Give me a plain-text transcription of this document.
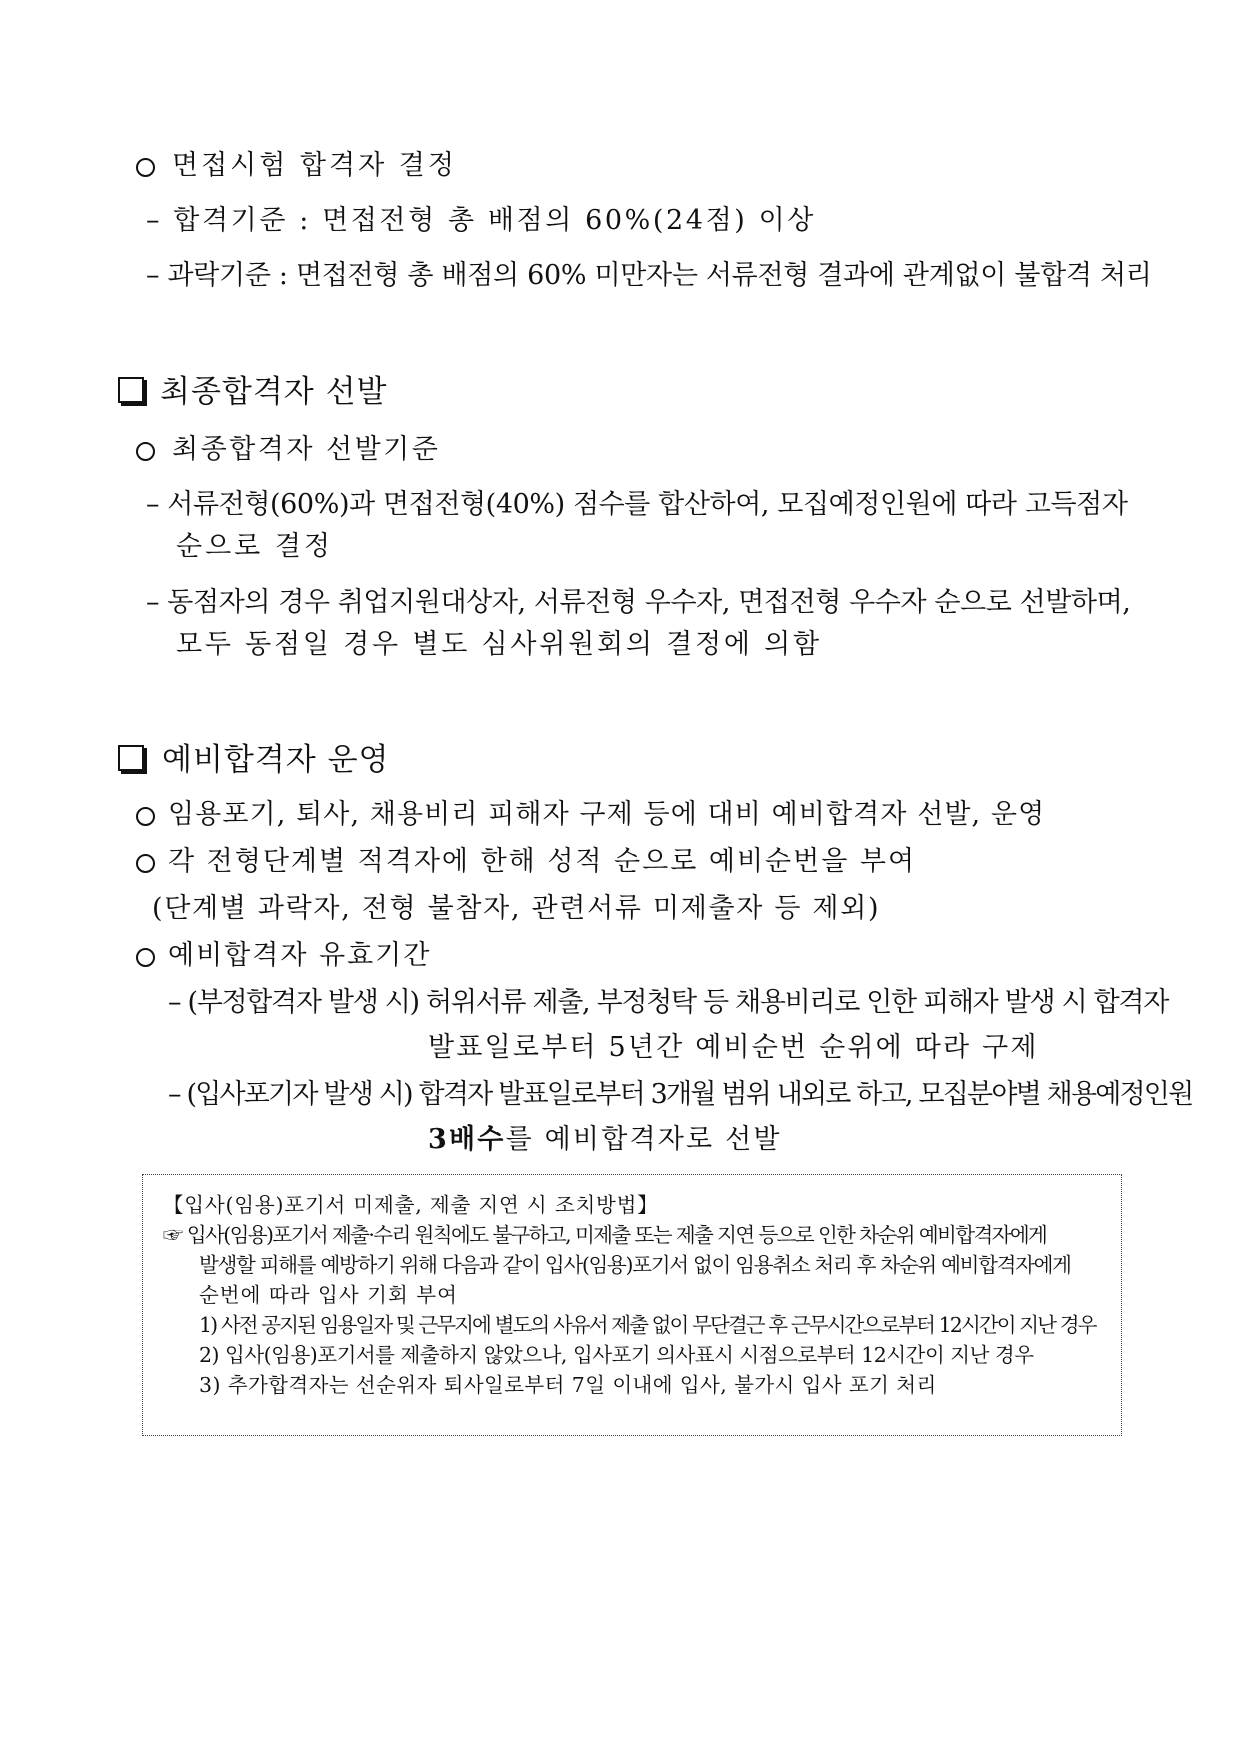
면접시험 합격자 결정
– 합격기준 : 면접전형 총 배점의 60%(24점) 이상
– 과락기준 : 면접전형 총 배점의 60% 미만자는 서류전형 결과에 관계없이 불합격 처리
최종합격자 선발
최종합격자 선발기준
– 서류전형(60%)과 면접전형(40%) 점수를 합산하여, 모집예정인원에 따라 고득점자
순으로 결정
– 동점자의 경우 취업지원대상자, 서류전형 우수자, 면접전형 우수자 순으로 선발하며,
모두 동점일 경우 별도 심사위원회의 결정에 의함
예비합격자 운영
임용포기, 퇴사, 채용비리 피해자 구제 등에 대비 예비합격자 선발, 운영
각 전형단계별 적격자에 한해 성적 순으로 예비순번을 부여
(단계별 과락자, 전형 불참자, 관련서류 미제출자 등 제외)
예비합격자 유효기간
– (부정합격자 발생 시) 허위서류 제출, 부정청탁 등 채용비리로 인한 피해자 발생 시 합격자
발표일로부터 5년간 예비순번 순위에 따라 구제
– (입사포기자 발생 시) 합격자 발표일로부터 3개월 범위 내외로 하고, 모집분야별 채용예정인원
3배수를 예비합격자로 선발
【입사(임용)포기서 미제출, 제출 지연 시 조치방법】
☞ 입사(임용)포기서 제출·수리 원칙에도 불구하고, 미제출 또는 제출 지연 등으로 인한 차순위 예비합격자에게
발생할 피해를 예방하기 위해 다음과 같이 입사(임용)포기서 없이 임용취소 처리 후 차순위 예비합격자에게
순번에 따라 입사 기회 부여
1) 사전 공지된 임용일자 및 근무지에 별도의 사유서 제출 없이 무단결근 후 근무시간으로부터 12시간이 지난 경우
2) 입사(임용)포기서를 제출하지 않았으나, 입사포기 의사표시 시점으로부터 12시간이 지난 경우
3) 추가합격자는 선순위자 퇴사일로부터 7일 이내에 입사, 불가시 입사 포기 처리
